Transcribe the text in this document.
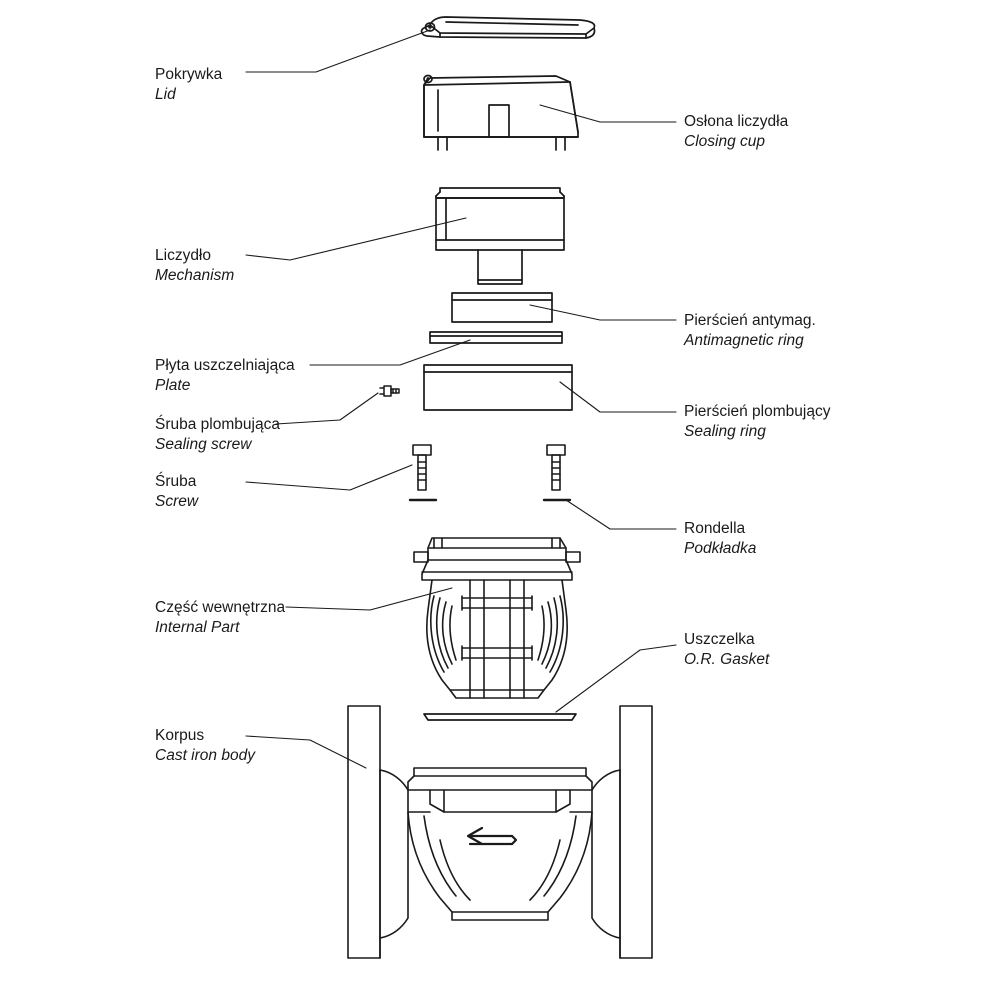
Pokrywka
Lid
Osłona liczydła
Closing cup
Liczydło
Mechanism
Pierścień antymag.
Antimagnetic ring
Płyta uszczelniająca
Plate
Pierścień plombujący
Sealing ring
Śruba plombująca
Sealing screw
Śruba
Screw
Rondella
Podkładka
Część wewnętrzna
Internal Part
Uszczelka
O.R. Gasket
Korpus
Cast iron body
